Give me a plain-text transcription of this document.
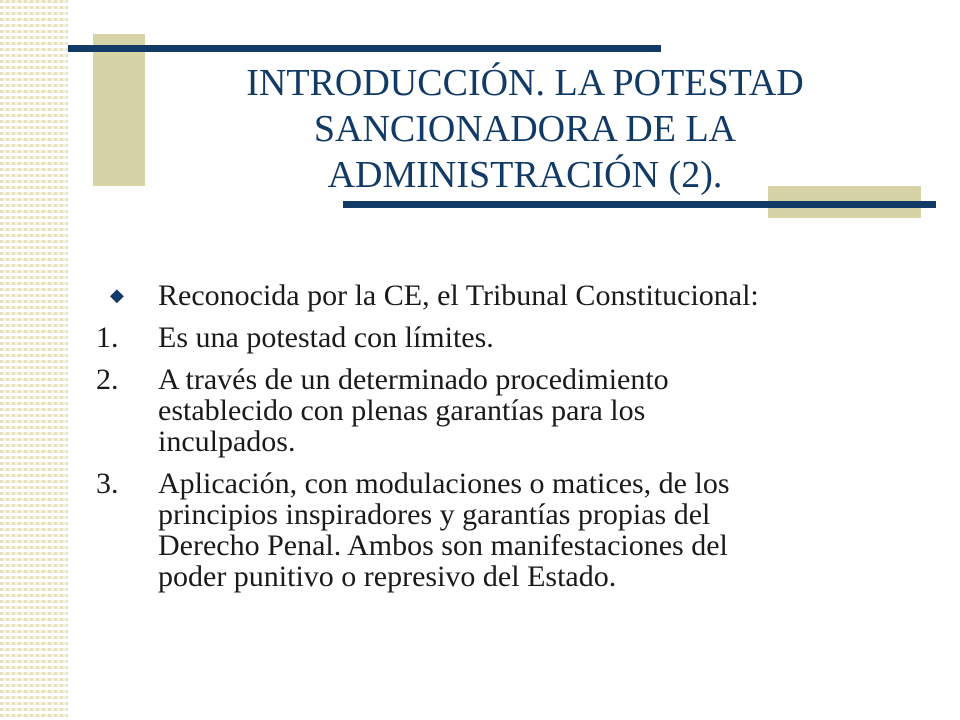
INTRODUCCIÓN. LA POTESTAD
SANCIONADORA DE LA
ADMINISTRACIÓN (2).
◆	Reconocida por la CE, el Tribunal Constitucional:
1.	Es una potestad con límites.
2.	A través de un determinado procedimiento
establecido con plenas garantías para los
inculpados.
3.	Aplicación, con modulaciones o matices, de los
principios inspiradores y garantías propias del
Derecho Penal. Ambos son manifestaciones del
poder punitivo o represivo del Estado.
